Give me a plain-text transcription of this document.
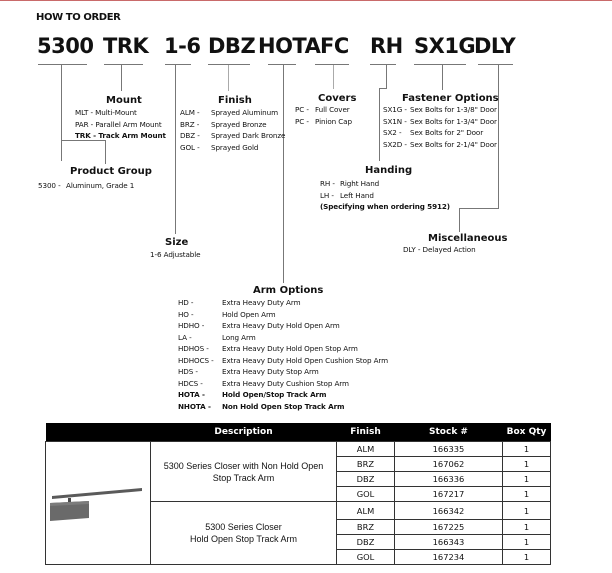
HOW TO ORDER
5300 TRK 1-6 DBZ HOTA FC RH SX1G
DLY
Mount
MLT - Multi-Mount
PAR - Parallel Arm Mount
TRK - Track Arm Mount
Finish
ALM - Sprayed Aluminum
BRZ - Sprayed Bronze
DBZ - Sprayed Dark Bronze
GOL - Sprayed Gold
Covers
PC - Full Cover
PC - Pinion Cap
Fastener Options
SX1G - Sex Bolts for 1-3/8" Door
SX1N - Sex Bolts for 1-3/4" Door
SX2 - Sex Bolts for 2" Door
SX2D - Sex Bolts for 2-1/4" Door
Product Group
5300 - Aluminum, Grade 1
Handing
RH - Right Hand
LH - Left Hand
(Specifying when ordering 5912)
Size
1-6 Adjustable
Miscellaneous
DLY - Delayed Action
Arm Options
HD -	Extra Heavy Duty Arm
HO -	Hold Open Arm
HDHO - Extra Heavy Duty Hold Open Arm
LA -	Long Arm
HDHOS - Extra Heavy Duty Hold Open Stop Arm
HDHOCS - Extra Heavy Duty Hold Open Cushion Stop Arm
HDS -	Extra Heavy Duty Stop Arm
HDCS -	Extra Heavy Duty Cushion Stop Arm
HOTA - Hold Open/Stop Track Arm
NHOTA - Non Hold Open Stop Track Arm
	Description	Finish	Stock #	Box Qty
	5300 Series Closer with Non Hold Open Stop Track Arm	ALM	166335	1
		BRZ	167062	1
		DBZ	166336	1
		GOL	167217	1

	5300 Series Closer
Hold Open Stop Track Arm	ALM	166342	1
		BRZ	167225	1
		DBZ	166343	1
		GOL	167234	1
